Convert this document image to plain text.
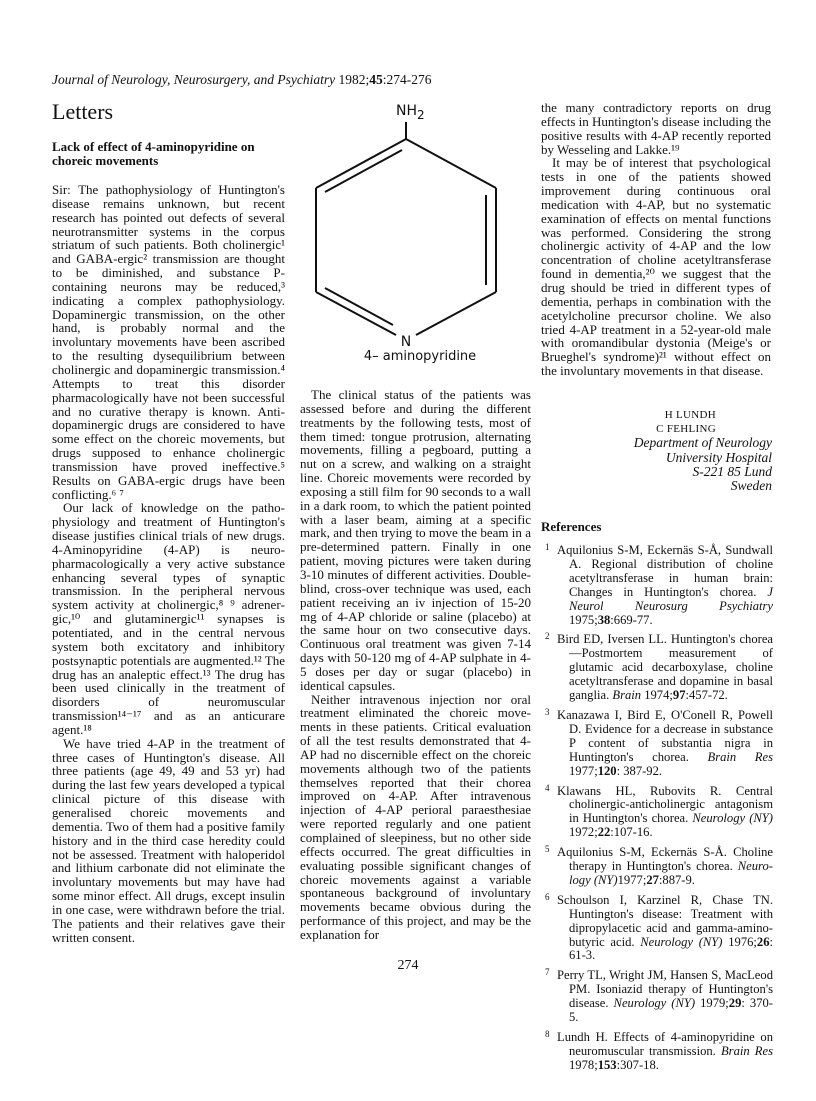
Journal of Neurology, Neurosurgery, and Psychiatry 1982;45:274-276
Letters
Lack of effect of 4-aminopyridine on choreic movements

Sir: The pathophysiology of Huntington's disease remains unknown, but recent research has pointed out defects of several neurotransmitter systems in the corpus striatum of such patients. Both cholinergic¹ and GABA-ergic² transmission are thought to be diminished, and substance P-containing neurons may be reduced,³ indicating a complex pathophysiology. Dopaminergic transmission, on the other hand, is probably normal and the involuntary movements have been ascribed to the resulting dysequilibrium between cholinergic and dopaminergic transmission.⁴ Attempts to treat this disorder pharmacologically have not been successful and no curative therapy is known. Anti-dopaminergic drugs are considered to have some effect on the choreic movements, but drugs supposed to enhance cholinergic transmission have proved ineffective.⁵ Results on GABA-ergic drugs have been conflicting.⁶ ⁷

Our lack of knowledge on the pathophysiology and treatment of Huntington's disease justifies clinical trials of new drugs. 4-Aminopyridine (4-AP) is neuropharmacologically a very active substance enhancing several types of synaptic transmission. In the peripheral nervous system activity at cholinergic,⁸ ⁹ adrenergic,¹⁰ and glutaminergic¹¹ synapses is potentiated, and in the central nervous system both excitatory and inhibitory postsynaptic potentials are augmented.¹² The drug has an analeptic effect.¹³ The drug has been used clinically in the treatment of disorders of neuromuscular transmission¹⁴⁻¹⁷ and as an anticurare agent.¹⁸

We have tried 4-AP in the treatment of three cases of Huntington's disease. All three patients (age 49, 49 and 53 yr) had during the last few years developed a typical clinical picture of this disease with generalised choreic movements and dementia. Two of them had a positive family history and in the third case heredity could not be assessed. Treatment with haloperidol and lithium carbonate did not eliminate the involuntary movements but may have had some minor effect. All drugs, except insulin in one case, were withdrawn before the trial. The patients and their relatives gave their written consent.

NH2
N
4– aminopyridine

The clinical status of the patients was assessed before and during the different treatments by the following tests, most of them timed: tongue protrusion, alternating movements, filling a pegboard, putting a nut on a screw, and walking on a straight line. Choreic movements were recorded by exposing a still film for 90 seconds to a wall in a dark room, to which the patient pointed with a laser beam, aiming at a specific mark, and then trying to move the beam in a pre-determined pattern. Finally in one patient, moving pictures were taken during 3-10 minutes of different activities. Double-blind, cross-over technique was used, each patient receiving an iv injection of 15-20 mg of 4-AP chloride or saline (placebo) at the same hour on two consecutive days. Continuous oral treatment was given 7-14 days with 50-120 mg of 4-AP sulphate in 4-5 doses per day or sugar (placebo) in identical capsules.

Neither intravenous injection nor oral treatment eliminated the choreic movements in these patients. Critical evaluation of all the test results demonstrated that 4-AP had no discernible effect on the choreic movements although two of the patients themselves reported that their chorea improved on 4-AP. After intravenous injection of 4-AP perioral paraesthesiae were reported regularly and one patient complained of sleepiness, but no other side effects occurred. The great difficulties in evaluating possible significant changes of choreic movements against a variable spontaneous background of involuntary movements became obvious during the performance of this project, and may be the explanation for

the many contradictory reports on drug effects in Huntington's disease including the positive results with 4-AP recently reported by Wesseling and Lakke.¹⁹

It may be of interest that psychological tests in one of the patients showed improvement during continuous oral medication with 4-AP, but no systematic examination of effects on mental functions was performed. Considering the strong cholinergic activity of 4-AP and the low concentration of choline acetyltransferase found in dementia,²⁰ we suggest that the drug should be tried in different types of dementia, perhaps in combination with the acetylcholine precursor choline. We also tried 4-AP treatment in a 52-year-old male with oromandibular dystonia (Meige's or Brueghel's syndrome)²¹ without effect on the involuntary movements in that disease.

H LUNDH
C FEHLING
Department of Neurology
University Hospital
S-221 85 Lund
Sweden
References

1 Aquilonius S-M, Eckernäs S-Å, Sundwall A. Regional distribution of choline acetyltransferase in human brain: Changes in Huntington's chorea. J Neurol Neurosurg Psychiatry 1975;38:669-77.

2 Bird ED, Iversen LL. Huntington's chorea—Postmortem measurement of glutamic acid decarboxylase, choline acetyltransferase and dopamine in basal ganglia. Brain 1974;97:457-72.

3 Kanazawa I, Bird E, O'Conell R, Powell D. Evidence for a decrease in substance P content of substantia nigra in Huntington's chorea. Brain Res 1977;120: 387-92.

4 Klawans HL, Rubovits R. Central cholinergic-anticholinergic antagonism in Huntington's chorea. Neurology (NY) 1972;22:107-16.

5 Aquilonius S-M, Eckernäs S-Å. Choline therapy in Huntington's chorea. Neurology (NY)1977;27:887-9.

6 Schoulson I, Karzinel R, Chase TN. Huntington's disease: Treatment with dipropylacetic acid and gamma-aminobutyric acid. Neurology (NY) 1976;26: 61-3.

7 Perry TL, Wright JM, Hansen S, MacLeod PM. Isoniazid therapy of Huntington's disease. Neurology (NY) 1979;29: 370-5.

8 Lundh H. Effects of 4-aminopyridine on neuromuscular transmission. Brain Res 1978;153:307-18.

274
